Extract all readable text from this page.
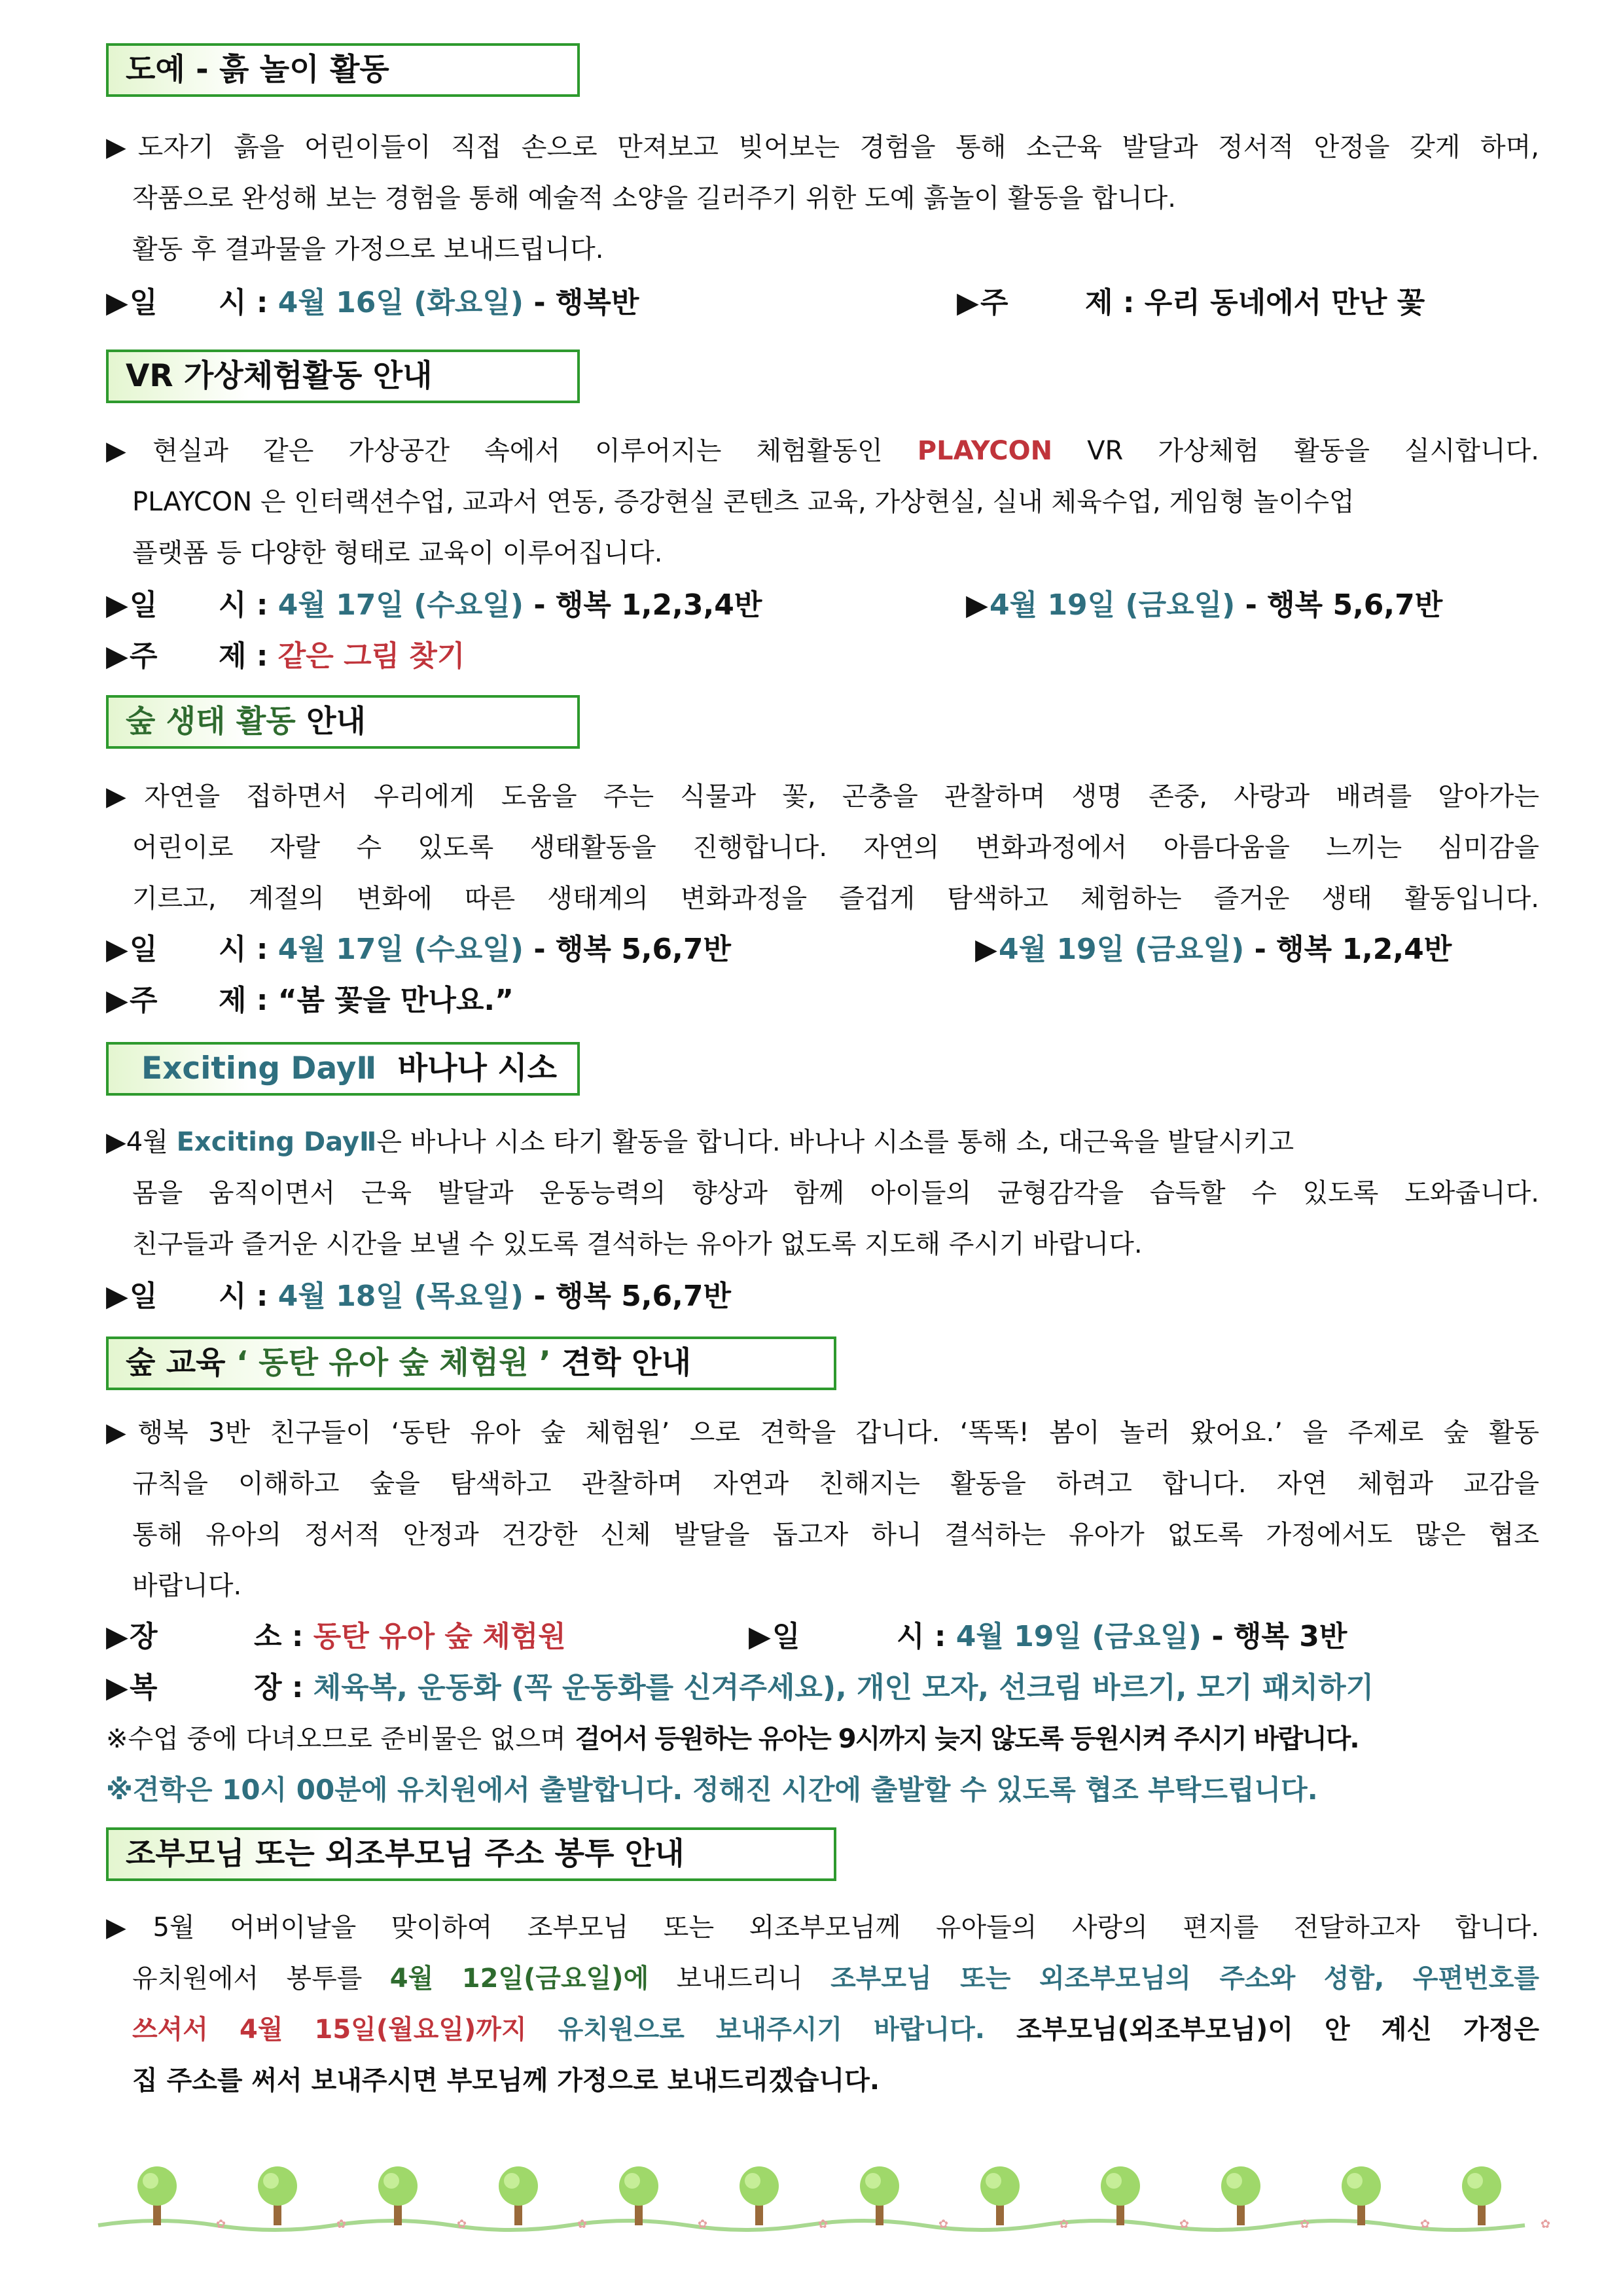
도예 - 흙 놀이 활동
▶도자기 흙을 어린이들이 직접 손으로 만져보고 빚어보는 경험을 통해 소근육 발달과 정서적 안정을 갖게 하며,
작품으로 완성해 보는 경험을 통해 예술적 소양을 길러주기 위한 도예 흙놀이 활동을 합니다.
활동 후 결과물을 가정으로 보내드립니다.
▶일 시 : 4월 16일 (화요일) - 행복반	▶주	제 : 우리 동네에서 만난 꽃
VR 가상체험활동 안내
▶현실과 같은 가상공간 속에서 이루어지는 체험활동인 PLAYCON VR 가상체험 활동을 실시합니다.
PLAYCON 은 인터랙션수업, 교과서 연동, 증강현실 콘텐츠 교육, 가상현실, 실내 체육수업, 게임형 놀이수업
플랫폼 등 다양한 형태로 교육이 이루어집니다.
▶일 시 : 4월 17일 (수요일) - 행복 1,2,3,4반	▶4월 19일 (금요일) - 행복 5,6,7반
▶주 제 : 같은 그림 찾기
숲 생태 활동 안내
▶자연을 접하면서 우리에게 도움을 주는 식물과 꽃, 곤충을 관찰하며 생명 존중, 사랑과 배려를 알아가는
어린이로 자랄 수 있도록 생태활동을 진행합니다. 자연의 변화과정에서 아름다움을 느끼는 심미감을
기르고, 계절의 변화에 따른 생태계의 변화과정을 즐겁게 탐색하고 체험하는 즐거운 생태 활동입니다.
▶일 시 : 4월 17일 (수요일) - 행복 5,6,7반	▶4월 19일 (금요일) - 행복 1,2,4반
▶주 제 : “봄 꽃을 만나요.”
Exciting DayⅡ 바나나 시소
▶4월 Exciting DayⅡ은 바나나 시소 타기 활동을 합니다. 바나나 시소를 통해 소, 대근육을 발달시키고
몸을 움직이면서 근육 발달과 운동능력의 향상과 함께 아이들의 균형감각을 습득할 수 있도록 도와줍니다.
친구들과 즐거운 시간을 보낼 수 있도록 결석하는 유아가 없도록 지도해 주시기 바랍니다.
▶일 시 : 4월 18일 (목요일) - 행복 5,6,7반
숲 교육 ‘ 동탄 유아 숲 체험원 ’ 견학 안내
▶행복 3반 친구들이 ‘동탄 유아 숲 체험원’ 으로 견학을 갑니다. ‘똑똑! 봄이 놀러 왔어요.’ 을 주제로 숲 활동
규칙을 이해하고 숲을 탐색하고 관찰하며 자연과 친해지는 활동을 하려고 합니다. 자연 체험과 교감을
통해 유아의 정서적 안정과 건강한 신체 발달을 돕고자 하니 결석하는 유아가 없도록 가정에서도 많은 협조
바랍니다.
▶장	소 : 동탄 유아 숲 체험원	▶일	시 : 4월 19일 (금요일) - 행복 3반
▶복	장 : 체육복, 운동화 (꼭 운동화를 신겨주세요), 개인 모자, 선크림 바르기, 모기 패치하기
※수업 중에 다녀오므로 준비물은 없으며 걸어서 등원하는 유아는 9시까지 늦지 않도록 등원시켜 주시기 바랍니다.
※견학은 10시 00분에 유치원에서 출발합니다. 정해진 시간에 출발할 수 있도록 협조 부탁드립니다.
조부모님 또는 외조부모님 주소 봉투 안내
▶5월 어버이날을 맞이하여 조부모님 또는 외조부모님께 유아들의 사랑의 편지를 전달하고자 합니다.
유치원에서 봉투를 4월 12일(금요일)에 보내드리니 조부모님 또는 외조부모님의 주소와 성함, 우편번호를
쓰셔서 4월 15일(월요일)까지 유치원으로 보내주시기 바랍니다. 조부모님(외조부모님)이 안 계신 가정은
집 주소를 써서 보내주시면 부모님께 가정으로 보내드리겠습니다.
✿	✿	✿	✿	✿	✿	✿	✿	✿	✿	✿	✿
